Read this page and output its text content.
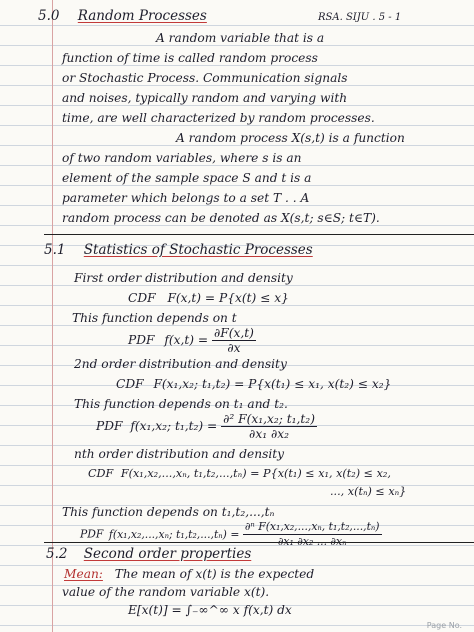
5.0 Random Processes	RSA. SIJU . 5 - 1
A random variable that is a
function of time is called random process
or Stochastic Process. Communication signals
and noises, typically random and varying with
time, are well characterized by random processes.
A random process X(s,t) is a function
of two random variables, where s is an
element of the sample space S and t is a
parameter which belongs to a set T . . A
random process can be denoted as X(s,t; s∈S; t∈T).
5.1 Statistics of Stochastic Processes
First order distribution and density
CDF F(x,t) = P{x(t) ≤ x}
This function depends on t
PDF $f(x,t) = \frac{\partial F(x,t)}{\partial x}$
2nd order distribution and density
CDF F(x₁,x₂; t₁,t₂) = P{x(t₁) ≤ x₁, x(t₂) ≤ x₂}
This function depends on t₁ and t₂.
PDF f(x₁,x₂; $t_1,t_2) = \frac{\text{∂² F(x₁,x₂; t₁,t₂)}}{\text{∂x₁ ∂x₂}}$
nth order distribution and density
CDF F(x₁,x₂,...,xₙ, t₁,t₂,...,tₙ) = P{x(t₁) ≤ x₁, x(t₂) ≤ x₂,
..., x(tₙ) ≤ xₙ}
This function depends on t₁,t₂,...,tₙ
PDF f(x₁,x₂,...,xₙ; $t_1,t_2,...,t_n) = \frac{\text{∂ⁿ F(x₁,x₂,...,xₙ, t₁,t₂,...,tₙ)}}{\text{∂x₁ ∂x₂ ... ∂xₙ}}$
5.2 Second order properties
Mean: The mean of x(t) is the expected
value of the random variable x(t).
E[x(t)] = ∫₋∞^∞ x f(x,t) dx
Page No.
